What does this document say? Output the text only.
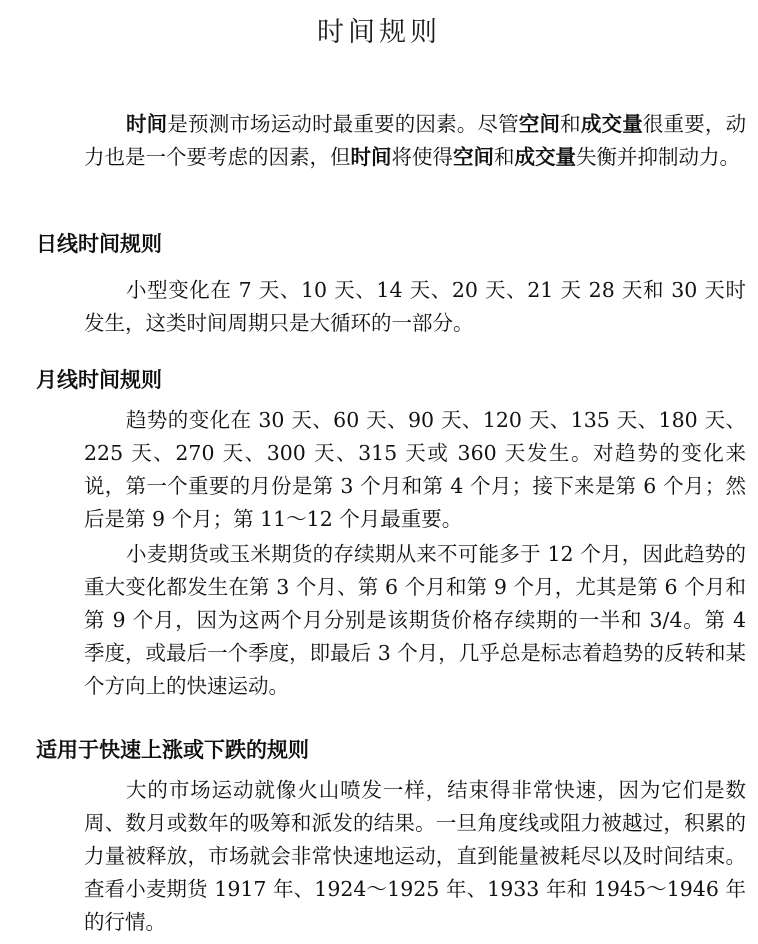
时间规则

时间是预测市场运动时最重要的因素。尽管空间和成交量很重要，动力也是一个要考虑的因素，但时间将使得空间和成交量失衡并抑制动力。

日线时间规则

小型变化在 7 天、10 天、14 天、20 天、21 天 28 天和 30 天时发生，这类时间周期只是大循环的一部分。

月线时间规则

趋势的变化在 30 天、60 天、90 天、120 天、135 天、180 天、225 天、270 天、300 天、315 天或 360 天发生。对趋势的变化来说，第一个重要的月份是第 3 个月和第 4 个月；接下来是第 6 个月；然后是第 9 个月；第 11～12 个月最重要。

小麦期货或玉米期货的存续期从来不可能多于 12 个月，因此趋势的重大变化都发生在第 3 个月、第 6 个月和第 9 个月，尤其是第 6 个月和第 9 个月，因为这两个月分别是该期货价格存续期的一半和 3/4。第 4 季度，或最后一个季度，即最后 3 个月，几乎总是标志着趋势的反转和某个方向上的快速运动。

适用于快速上涨或下跌的规则

大的市场运动就像火山喷发一样，结束得非常快速，因为它们是数周、数月或数年的吸筹和派发的结果。一旦角度线或阻力被越过，积累的力量被释放，市场就会非常快速地运动，直到能量被耗尽以及时间结束。查看小麦期货 1917 年、1924～1925 年、1933 年和 1945～1946 年的行情。
